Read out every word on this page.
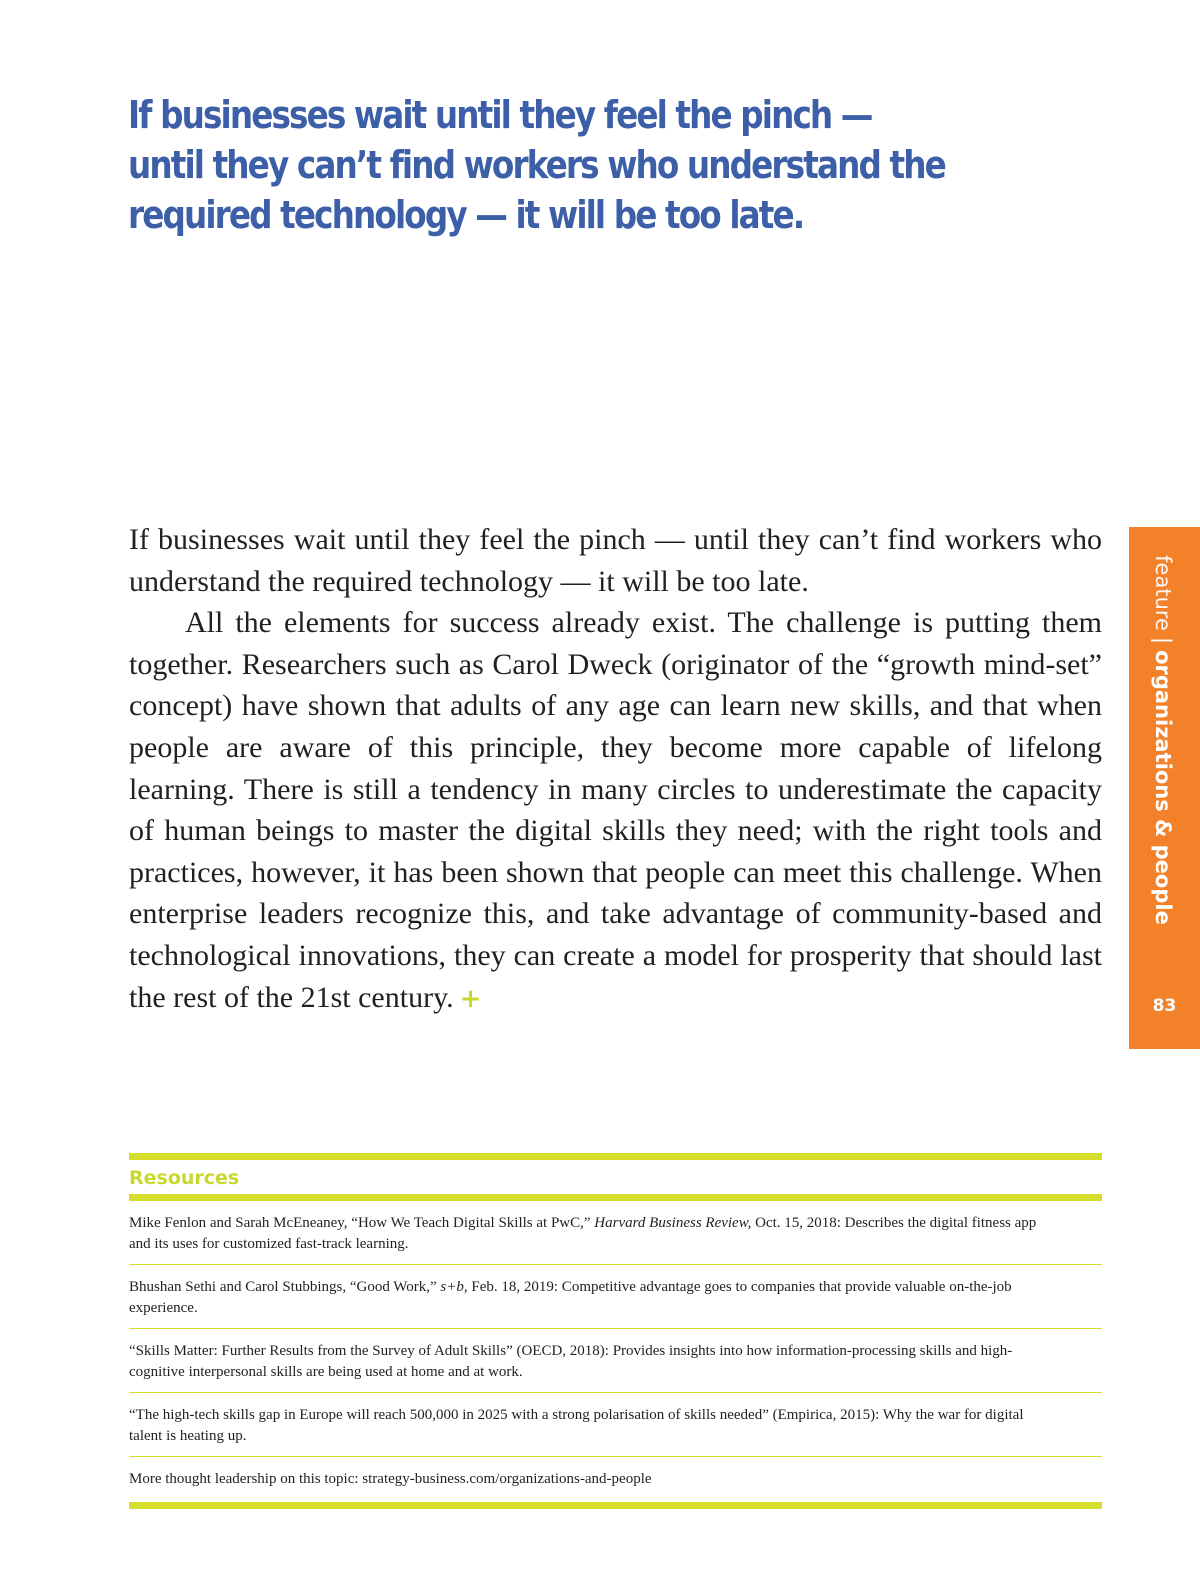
If businesses wait until they feel the pinch —
until they can’t find workers who understand the
required technology — it will be too late.

If businesses wait until they feel the pinch — until they can’t find workers who understand the required technology — it will be too late.

All the elements for success already exist. The challenge is putting them together. Researchers such as Carol Dweck (originator of the “growth mind-set” concept) have shown that adults of any age can learn new skills, and that when people are aware of this principle, they become more capable of lifelong learning. There is still a tendency in many circles to underestimate the capacity of human beings to master the digital skills they need; with the right tools and practices, however, it has been shown that people can meet this challenge. When enterprise leaders recognize this, and take advantage of community-based and technological innovations, they can create a model for prosperity that should last the rest of the 21st century. +

feature|organizations & people
83
Resources
Mike Fenlon and Sarah McEneaney, “How We Teach Digital Skills at PwC,” Harvard Business Review, Oct. 15, 2018: Describes the digital fitness app and its uses for customized fast-track learning.
Bhushan Sethi and Carol Stubbings, “Good Work,” s+b, Feb. 18, 2019: Competitive advantage goes to companies that provide valuable on-the-job experience.
“Skills Matter: Further Results from the Survey of Adult Skills” (OECD, 2018): Provides insights into how information-processing skills and high-cognitive interpersonal skills are being used at home and at work.
“The high-tech skills gap in Europe will reach 500,000 in 2025 with a strong polarisation of skills needed” (Empirica, 2015): Why the war for digital talent is heating up.
More thought leadership on this topic: strategy-business.com/organizations-and-people
